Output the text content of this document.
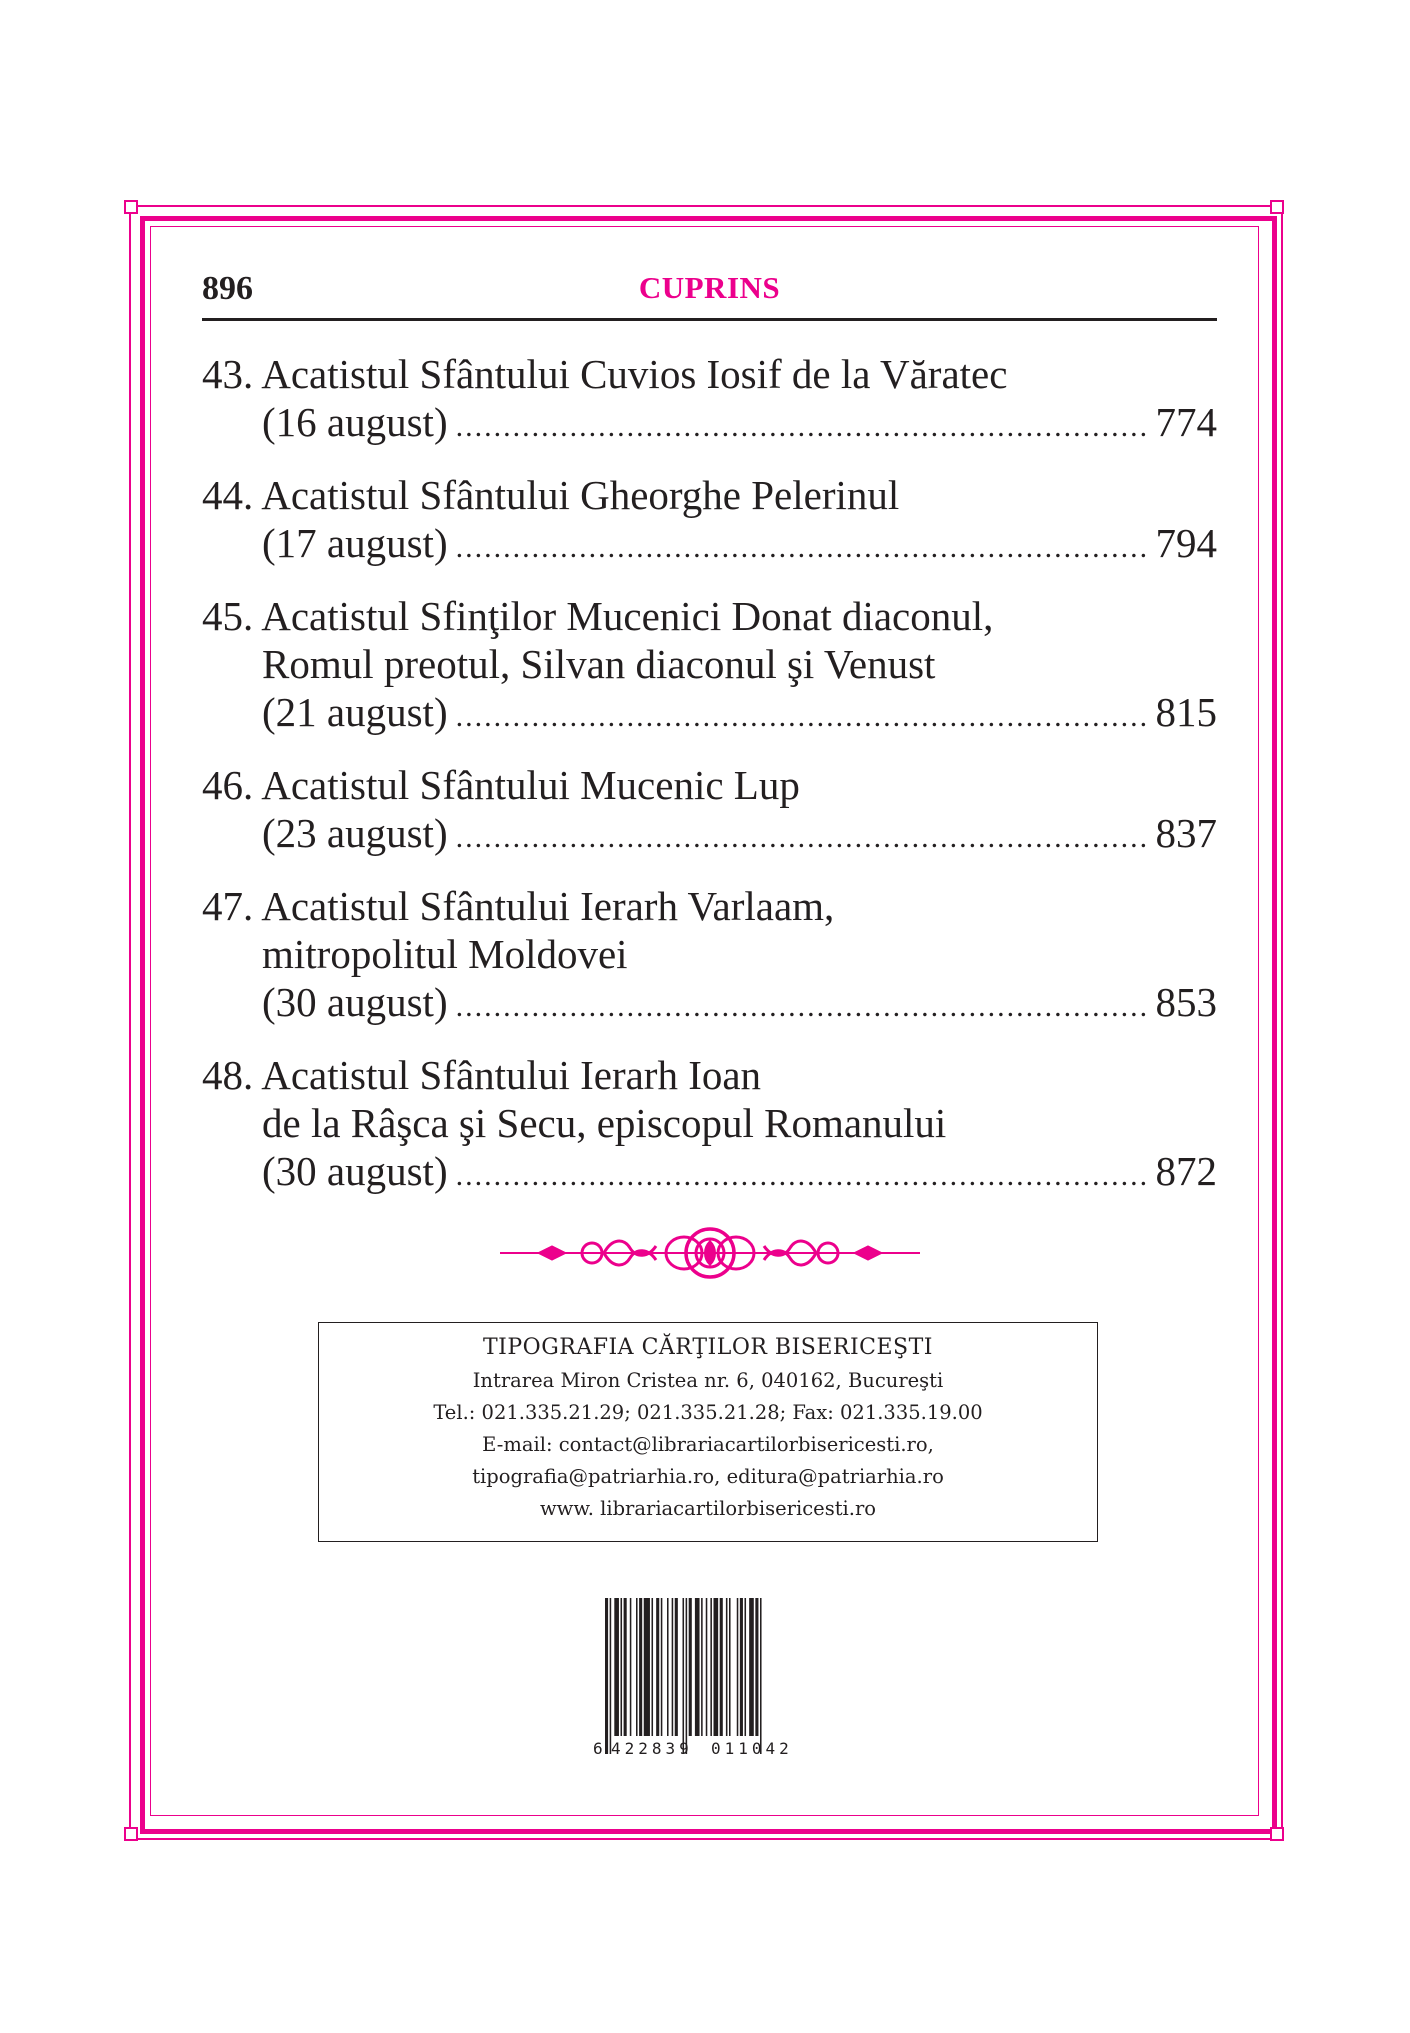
896	CUPRINS
43. Acatistul Sfântului Cuvios Iosif de la Văratec
(16 august) .....	774
44. Acatistul Sfântului Gheorghe Pelerinul
(17 august) .....	794
45. Acatistul Sfinţilor Mucenici Donat diaconul,
Romul preotul, Silvan diaconul şi Venust
(21 august) .....	815
46. Acatistul Sfântului Mucenic Lup
(23 august) .....	837
47. Acatistul Sfântului Ierarh Varlaam,
mitropolitul Moldovei
(30 august) .....	853
48. Acatistul Sfântului Ierarh Ioan
de la Râşca şi Secu, episcopul Romanului
(30 august) .....	872
TIPOGRAFIA CĂRŢILOR BISERICEŞTI
Intrarea Miron Cristea nr. 6, 040162, Bucureşti
Tel.: 021.335.21.29; 021.335.21.28; Fax: 021.335.19.00
E-mail: contact@librariacartilorbisericesti.ro,
tipografia@patriarhia.ro, editura@patriarhia.ro
www. librariacartilorbisericesti.ro
6 422839 011042
